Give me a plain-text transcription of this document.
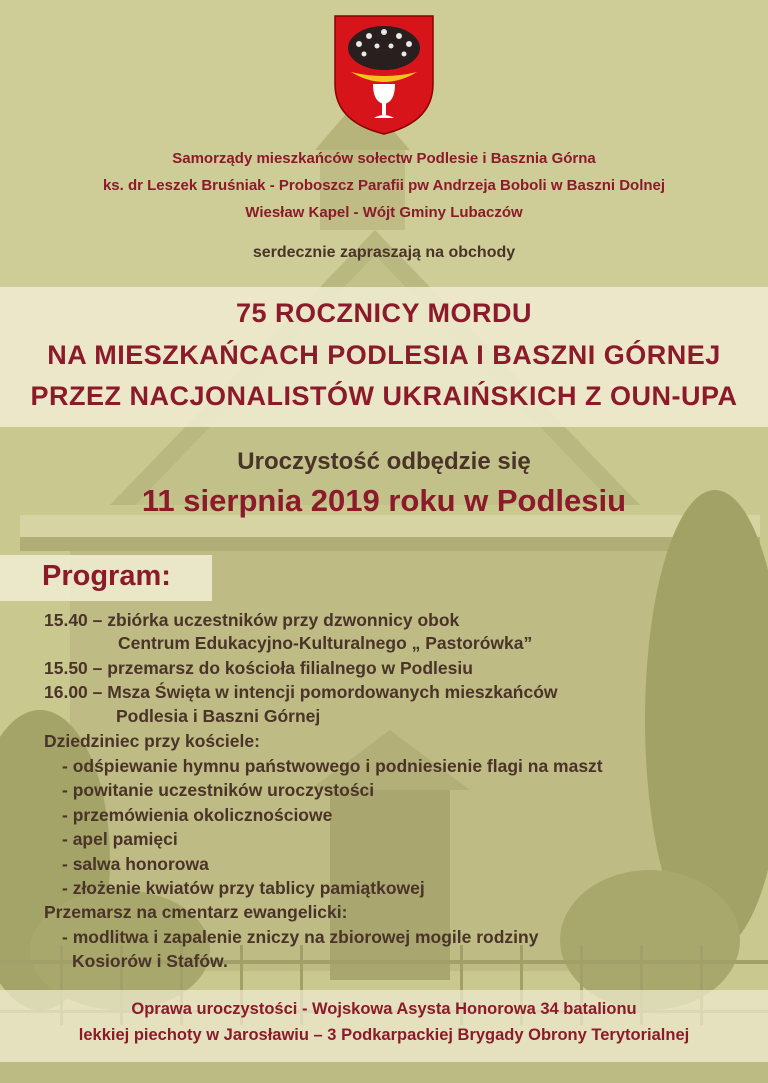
Samorządy mieszkańców sołectw Podlesie i Basznia Górna
ks. dr Leszek Bruśniak - Proboszcz Parafii pw Andrzeja Boboli w Baszni Dolnej
Wiesław Kapel - Wójt Gminy Lubaczów
serdecznie zapraszają na obchody
75 ROCZNICY MORDU
NA MIESZKAŃCACH PODLESIA I BASZNI GÓRNEJ
PRZEZ NACJONALISTÓW UKRAIŃSKICH Z OUN-UPA
Uroczystość odbędzie się
11 sierpnia 2019 roku w Podlesiu
Program:
15.40 – zbiórka uczestników przy dzwonnicy obok
Centrum Edukacyjno-Kulturalnego „ Pastorówka”
15.50 – przemarsz do kościoła filialnego w Podlesiu
16.00 – Msza Święta w intencji pomordowanych mieszkańców
Podlesia i Baszni Górnej
Dziedziniec przy kościele:
- odśpiewanie hymnu państwowego i podniesienie flagi na maszt
- powitanie uczestników uroczystości
- przemówienia okolicznościowe
- apel pamięci
- salwa honorowa
- złożenie kwiatów przy tablicy pamiątkowej
Przemarsz na cmentarz ewangelicki:
- modlitwa i zapalenie zniczy na zbiorowej mogile rodziny
Kosiorów i Stafów.
Oprawa uroczystości - Wojskowa Asysta Honorowa 34 batalionu
lekkiej piechoty w Jarosławiu – 3 Podkarpackiej Brygady Obrony Terytorialnej
